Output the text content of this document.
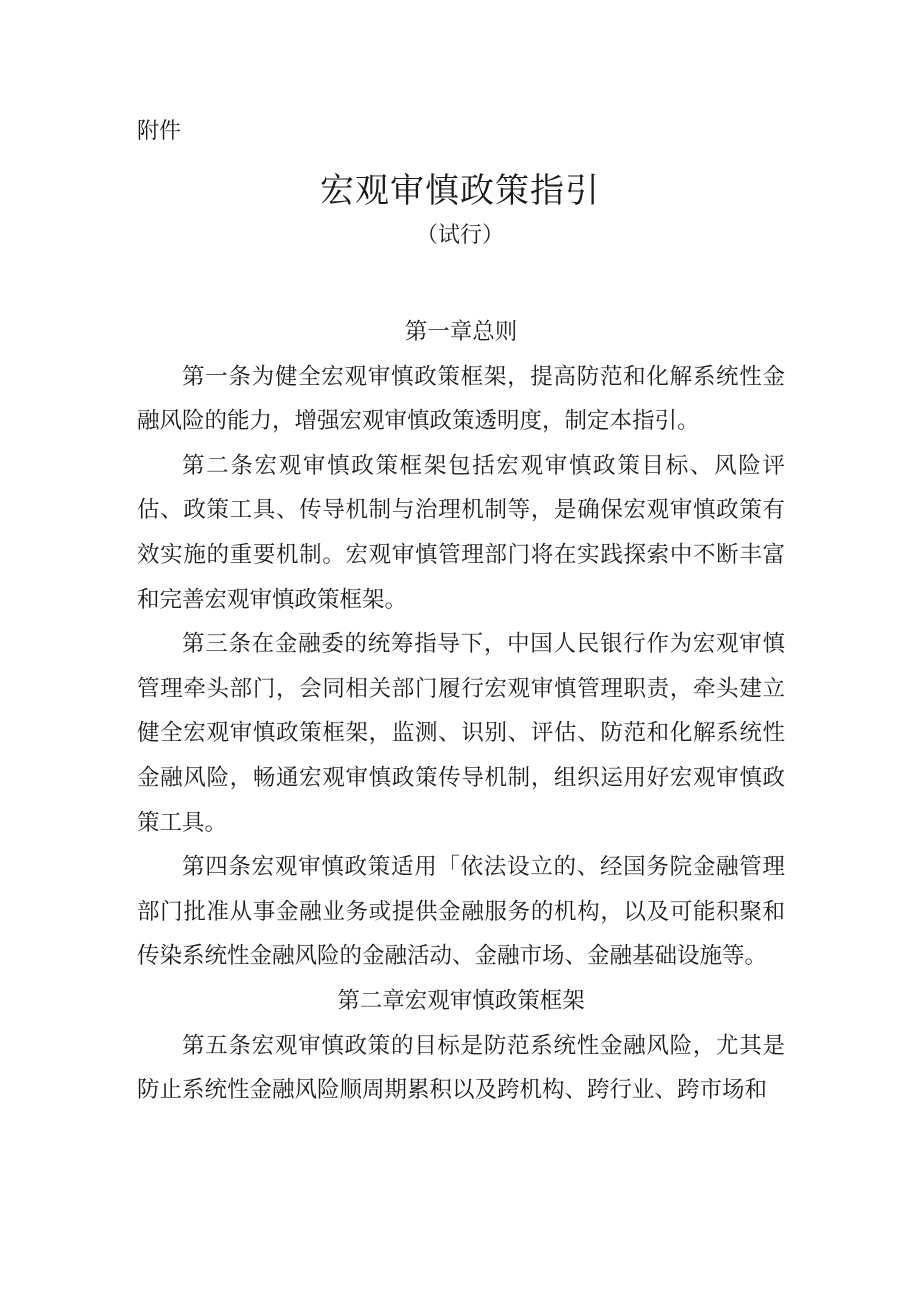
附件
宏观审慎政策指引
（试行）

第一章总则

第一条为健全宏观审慎政策框架，提高防范和化解系统性金融风险的能力，增强宏观审慎政策透明度，制定本指引。

第二条宏观审慎政策框架包括宏观审慎政策目标、风险评估、政策工具、传导机制与治理机制等，是确保宏观审慎政策有效实施的重要机制。宏观审慎管理部门将在实践探索中不断丰富和完善宏观审慎政策框架。

第三条在金融委的统筹指导下，中国人民银行作为宏观审慎管理牵头部门，会同相关部门履行宏观审慎管理职责，牵头建立健全宏观审慎政策框架，监测、识别、评估、防范和化解系统性金融风险，畅通宏观审慎政策传导机制，组织运用好宏观审慎政策工具。

第四条宏观审慎政策适用「依法设立的、经国务院金融管理部门批准从事金融业务或提供金融服务的机构，以及可能积聚和传染系统性金融风险的金融活动、金融市场、金融基础设施等。

第二章宏观审慎政策框架

第五条宏观审慎政策的目标是防范系统性金融风险，尤其是防止系统性金融风险顺周期累积以及跨机构、跨行业、跨市场和
